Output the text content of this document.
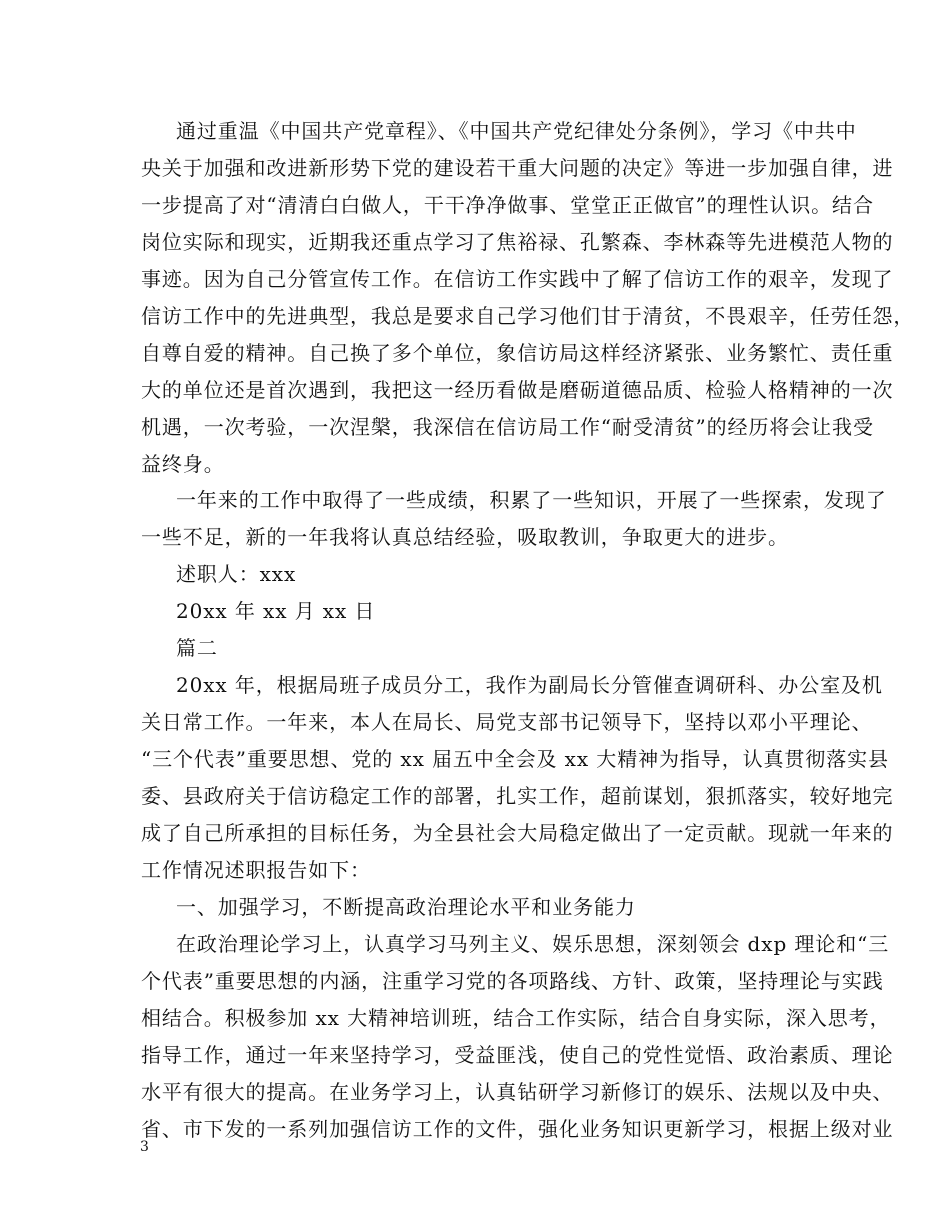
通过重温《中国共产党章程》、《中国共产党纪律处分条例》，学习《中共中
央关于加强和改进新形势下党的建设若干重大问题的决定》等进一步加强自律，进
一步提高了对“清清白白做人，干干净净做事、堂堂正正做官”的理性认识。结合
岗位实际和现实，近期我还重点学习了焦裕禄、孔繁森、李林森等先进模范人物的
事迹。因为自己分管宣传工作。在信访工作实践中了解了信访工作的艰辛，发现了
信访工作中的先进典型，我总是要求自己学习他们甘于清贫，不畏艰辛，任劳任怨，
自尊自爱的精神。自己换了多个单位，象信访局这样经济紧张、业务繁忙、责任重
大的单位还是首次遇到，我把这一经历看做是磨砺道德品质、检验人格精神的一次
机遇，一次考验，一次涅槃，我深信在信访局工作“耐受清贫”的经历将会让我受
益终身。
一年来的工作中取得了一些成绩，积累了一些知识，开展了一些探索，发现了
一些不足，新的一年我将认真总结经验，吸取教训，争取更大的进步。
述职人：xxx
20xx 年 xx 月 xx 日
篇二
20xx 年，根据局班子成员分工，我作为副局长分管催查调研科、办公室及机
关日常工作。一年来，本人在局长、局党支部书记领导下，坚持以邓小平理论、
“三个代表”重要思想、党的 xx 届五中全会及 xx 大精神为指导，认真贯彻落实县
委、县政府关于信访稳定工作的部署，扎实工作，超前谋划，狠抓落实，较好地完
成了自己所承担的目标任务，为全县社会大局稳定做出了一定贡献。现就一年来的
工作情况述职报告如下：
一、加强学习，不断提高政治理论水平和业务能力
在政治理论学习上，认真学习马列主义、娱乐思想，深刻领会 dxp 理论和“三
个代表”重要思想的内涵，注重学习党的各项路线、方针、政策，坚持理论与实践
相结合。积极参加 xx 大精神培训班，结合工作实际，结合自身实际，深入思考，
指导工作，通过一年来坚持学习，受益匪浅，使自己的党性觉悟、政治素质、理论
水平有很大的提高。在业务学习上，认真钻研学习新修订的娱乐、法规以及中央、
省、市下发的一系列加强信访工作的文件，强化业务知识更新学习，根据上级对业
3
